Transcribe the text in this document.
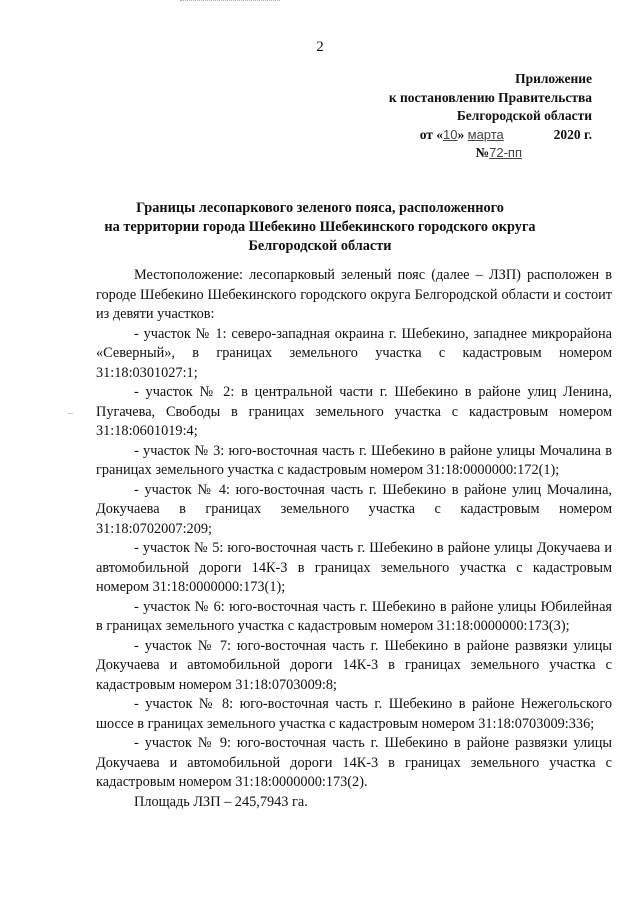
2
Приложение
к постановлению Правительства
Белгородской области
от «10» марта	2020 г.
№72-пп
Границы лесопаркового зеленого пояса, расположенного
на территории города Шебекино Шебекинского городского округа
Белгородской области
–

Местоположение: лесопарковый зеленый пояс (далее – ЛЗП) расположен в городе Шебекино Шебекинского городского округа Белгородской области и состоит из девяти участков:

- участок № 1: северо-западная окраина г. Шебекино, западнее микрорайона «Северный», в границах земельного участка с кадастровым номером 31:18:0301027:1;

- участок № 2: в центральной части г. Шебекино в районе улиц Ленина, Пугачева, Свободы в границах земельного участка с кадастровым номером 31:18:0601019:4;

- участок № 3: юго-восточная часть г. Шебекино в районе улицы Мочалина в границах земельного участка с кадастровым номером 31:18:0000000:172(1);

- участок № 4: юго-восточная часть г. Шебекино в районе улиц Мочалина, Докучаева в границах земельного участка с кадастровым номером 31:18:0702007:209;

- участок № 5: юго-восточная часть г. Шебекино в районе улицы Докучаева и автомобильной дороги 14К-3 в границах земельного участка с кадастровым номером 31:18:0000000:173(1);

- участок № 6: юго-восточная часть г. Шебекино в районе улицы Юбилейная в границах земельного участка с кадастровым номером 31:18:0000000:173(3);

- участок № 7: юго-восточная часть г. Шебекино в районе развязки улицы Докучаева и автомобильной дороги 14К-3 в границах земельного участка с кадастровым номером 31:18:0703009:8;

- участок № 8: юго-восточная часть г. Шебекино в районе Нежегольского шоссе в границах земельного участка с кадастровым номером 31:18:0703009:336;

- участок № 9: юго-восточная часть г. Шебекино в районе развязки улицы Докучаева и автомобильной дороги 14К-3 в границах земельного участка с кадастровым номером 31:18:0000000:173(2).

Площадь ЛЗП – 245,7943 га.
